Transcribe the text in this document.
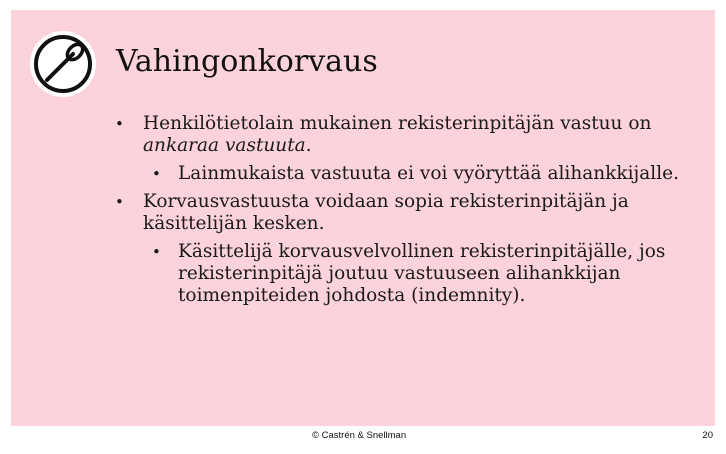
Vahingonkorvaus
• Henkilötietolain mukainen rekisterinpitäjän vastuu on ankaraa vastuuta.
• Lainmukaista vastuuta ei voi vyöryttää alihankkijalle.
• Korvausvastuusta voidaan sopia rekisterinpitäjän ja käsittelijän kesken.
• Käsittelijä korvausvelvollinen rekisterinpitäjälle, jos rekisterinpitäjä joutuu vastuuseen alihankkijan toimenpiteiden johdosta (indemnity).
© Castrén & Snellman	20
